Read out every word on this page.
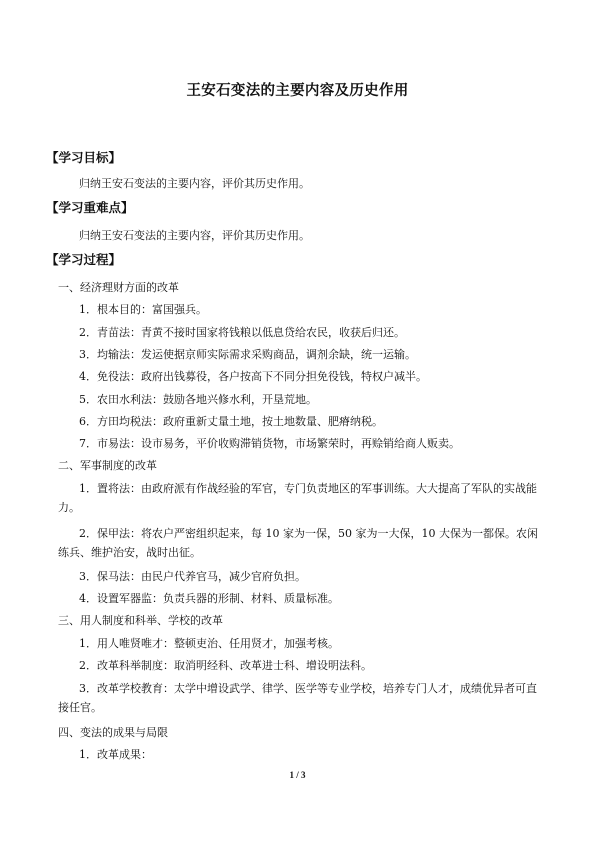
王安石变法的主要内容及历史作用
【学习目标】
归纳王安石变法的主要内容，评价其历史作用。
【学习重难点】
归纳王安石变法的主要内容，评价其历史作用。
【学习过程】
一、经济理财方面的改革
1．根本目的：富国强兵。
2．青苗法：青黄不接时国家将钱粮以低息贷给农民，收获后归还。
3．均输法：发运使据京师实际需求采购商品，调剂余缺，统一运输。
4．免役法：政府出钱募役，各户按高下不同分担免役钱，特权户减半。
5．农田水利法：鼓励各地兴修水利，开垦荒地。
6．方田均税法：政府重新丈量土地，按土地数量、肥瘠纳税。
7．市易法：设市易务，平价收购滞销货物，市场繁荣时，再赊销给商人贩卖。
二、军事制度的改革
1．置将法：由政府派有作战经验的军官，专门负责地区的军事训练。大大提高了军队的实战能力。
2．保甲法：将农户严密组织起来，每 10 家为一保，50 家为一大保，10 大保为一都保。农闲练兵、维护治安，战时出征。
3．保马法：由民户代养官马，减少官府负担。
4．设置军器监：负责兵器的形制、材料、质量标准。
三、用人制度和科举、学校的改革
1．用人唯贤唯才：整顿吏治、任用贤才，加强考核。
2．改革科举制度：取消明经科、改革进士科、增设明法科。
3．改革学校教育：太学中增设武学、律学、医学等专业学校，培养专门人才，成绩优异者可直接任官。
四、变法的成果与局限
1．改革成果：
1 / 3
